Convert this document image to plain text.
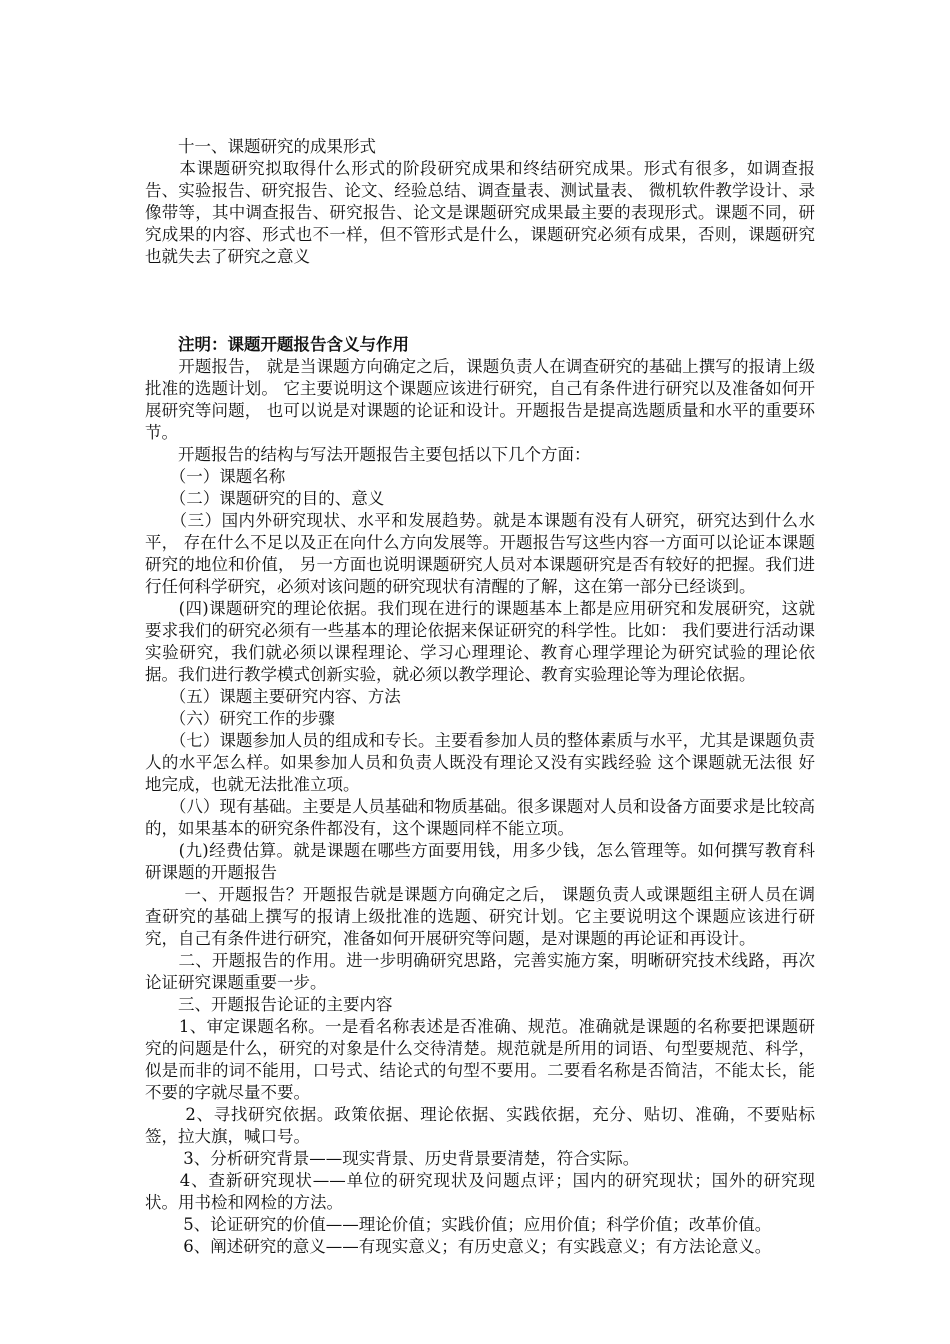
　　十一、课题研究的成果形式

　　本课题研究拟取得什么形式的阶段研究成果和终结研究成果。形式有很多，如调查报告、实验报告、研究报告、论文、经验总结、调查量表、测试量表、 微机软件教学设计、录像带等，其中调查报告、研究报告、论文是课题研究成果最主要的表现形式。课题不同，研究成果的内容、形式也不一样，但不管形式是什么，课题研究必须有成果，否则，课题研究也就失去了研究之意义

　　注明：课题开题报告含义与作用

　　开题报告， 就是当课题方向确定之后，课题负责人在调查研究的基础上撰写的报请上级 批准的选题计划。 它主要说明这个课题应该进行研究，自己有条件进行研究以及准备如何开 展研究等问题， 也可以说是对课题的论证和设计。开题报告是提高选题质量和水平的重要环 节。

　　开题报告的结构与写法开题报告主要包括以下几个方面：

　　（一）课题名称

　　（二）课题研究的目的、意义

　　（三）国内外研究现状、水平和发展趋势。就是本课题有没有人研究，研究达到什么水平， 存在什么不足以及正在向什么方向发展等。开题报告写这些内容一方面可以论证本课题 研究的地位和价值， 另一方面也说明课题研究人员对本课题研究是否有较好的把握。我们进行任何科学研究，必须对该问题的研究现状有清醒的了解，这在第一部分已经谈到。

　　(四)课题研究的理论依据。我们现在进行的课题基本上都是应用研究和发展研究，这就要求我们的研究必须有一些基本的理论依据来保证研究的科学性。比如： 我们要进行活动课实验研究，我们就必须以课程理论、学习心理理论、教育心理学理论为研究试验的理论依据。我们进行教学模式创新实验，就必须以教学理论、教育实验理论等为理论依据。

　　（五）课题主要研究内容、方法

　　（六）研究工作的步骤

　　（七）课题参加人员的组成和专长。主要看参加人员的整体素质与水平，尤其是课题负责人的水平怎么样。如果参加人员和负责人既没有理论又没有实践经验 这个课题就无法很 好地完成，也就无法批准立项。

　　（八）现有基础。主要是人员基础和物质基础。很多课题对人员和设备方面要求是比较高的，如果基本的研究条件都没有，这个课题同样不能立项。

　　(九)经费估算。就是课题在哪些方面要用钱，用多少钱，怎么管理等。如何撰写教育科研课题的开题报告

　　 一、开题报告？开题报告就是课题方向确定之后， 课题负责人或课题组主研人员在调查研究的基础上撰写的报请上级批准的选题、研究计划。它主要说明这个课题应该进行研究，自己有条件进行研究，准备如何开展研究等问题，是对课题的再论证和再设计。

　　二、开题报告的作用。进一步明确研究思路，完善实施方案，明晰研究技术线路，再次论证研究课题重要一步。

　　三、开题报告论证的主要内容

　　1、审定课题名称。一是看名称表述是否准确、规范。准确就是课题的名称要把课题研究的问题是什么，研究的对象是什么交待清楚。规范就是所用的词语、句型要规范、科学，似是而非的词不能用，口号式、结论式的句型不要用。二要看名称是否简洁，不能太长，能不要的字就尽量不要。

　　 2、寻找研究依据。政策依据、理论依据、实践依据，充分、贴切、准确，不要贴标签，拉大旗，喊口号。

　　 3、分析研究背景——现实背景、历史背景要清楚，符合实际。

　　4、查新研究现状——单位的研究现状及问题点评；国内的研究现状；国外的研究现状。用书检和网检的方法。

　　 5、论证研究的价值——理论价值；实践价值；应用价值；科学价值；改革价值。

　　 6、阐述研究的意义——有现实意义；有历史意义；有实践意义；有方法论意义。
